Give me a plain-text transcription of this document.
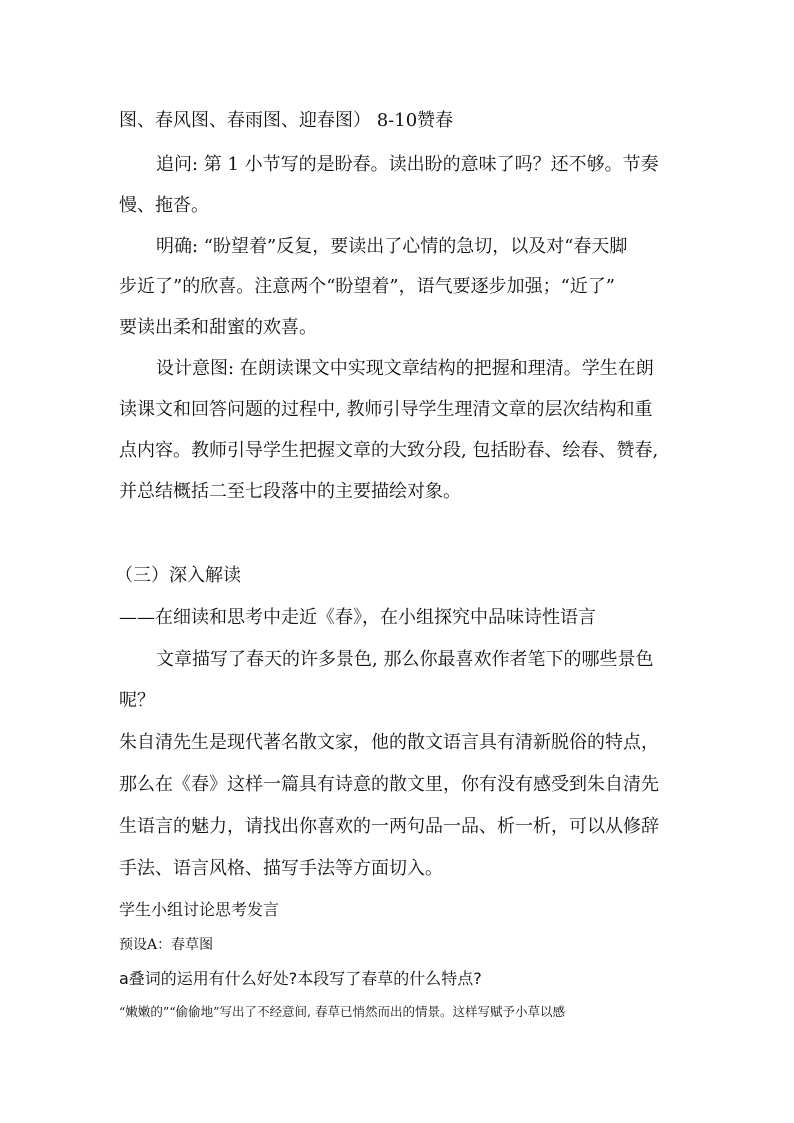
图、春风图、春雨图、迎春图） 8-10赞春
追问: 第 1 小节写的是盼春。读出盼的意味了吗？还不够。节奏
慢、拖沓。
明确: “盼望着”反复，要读出了心情的急切，以及对“春天脚
步近了”的欣喜。注意两个“盼望着”，语气要逐步加强；“近了”
要读出柔和甜蜜的欢喜。
设计意图: 在朗读课文中实现文章结构的把握和理清。学生在朗
读课文和回答问题的过程中, 教师引导学生理清文章的层次结构和重
点内容。教师引导学生把握文章的大致分段, 包括盼春、绘春、赞春,
并总结概括二至七段落中的主要描绘对象。
（三）深入解读
——在细读和思考中走近《春》，在小组探究中品味诗性语言
文章描写了春天的许多景色, 那么你最喜欢作者笔下的哪些景色
呢？
朱自清先生是现代著名散文家，他的散文语言具有清新脱俗的特点，
那么在《春》这样一篇具有诗意的散文里，你有没有感受到朱自清先
生语言的魅力，请找出你喜欢的一两句品一品、析一析，可以从修辞
手法、语言风格、描写手法等方面切入。
学生小组讨论思考发言
预设A：春草图
a叠词的运用有什么好处?本段写了春草的什么特点?
“嫩嫩的”“偷偷地”写出了不经意间, 春草已悄然而出的情景。这样写赋予小草以感
